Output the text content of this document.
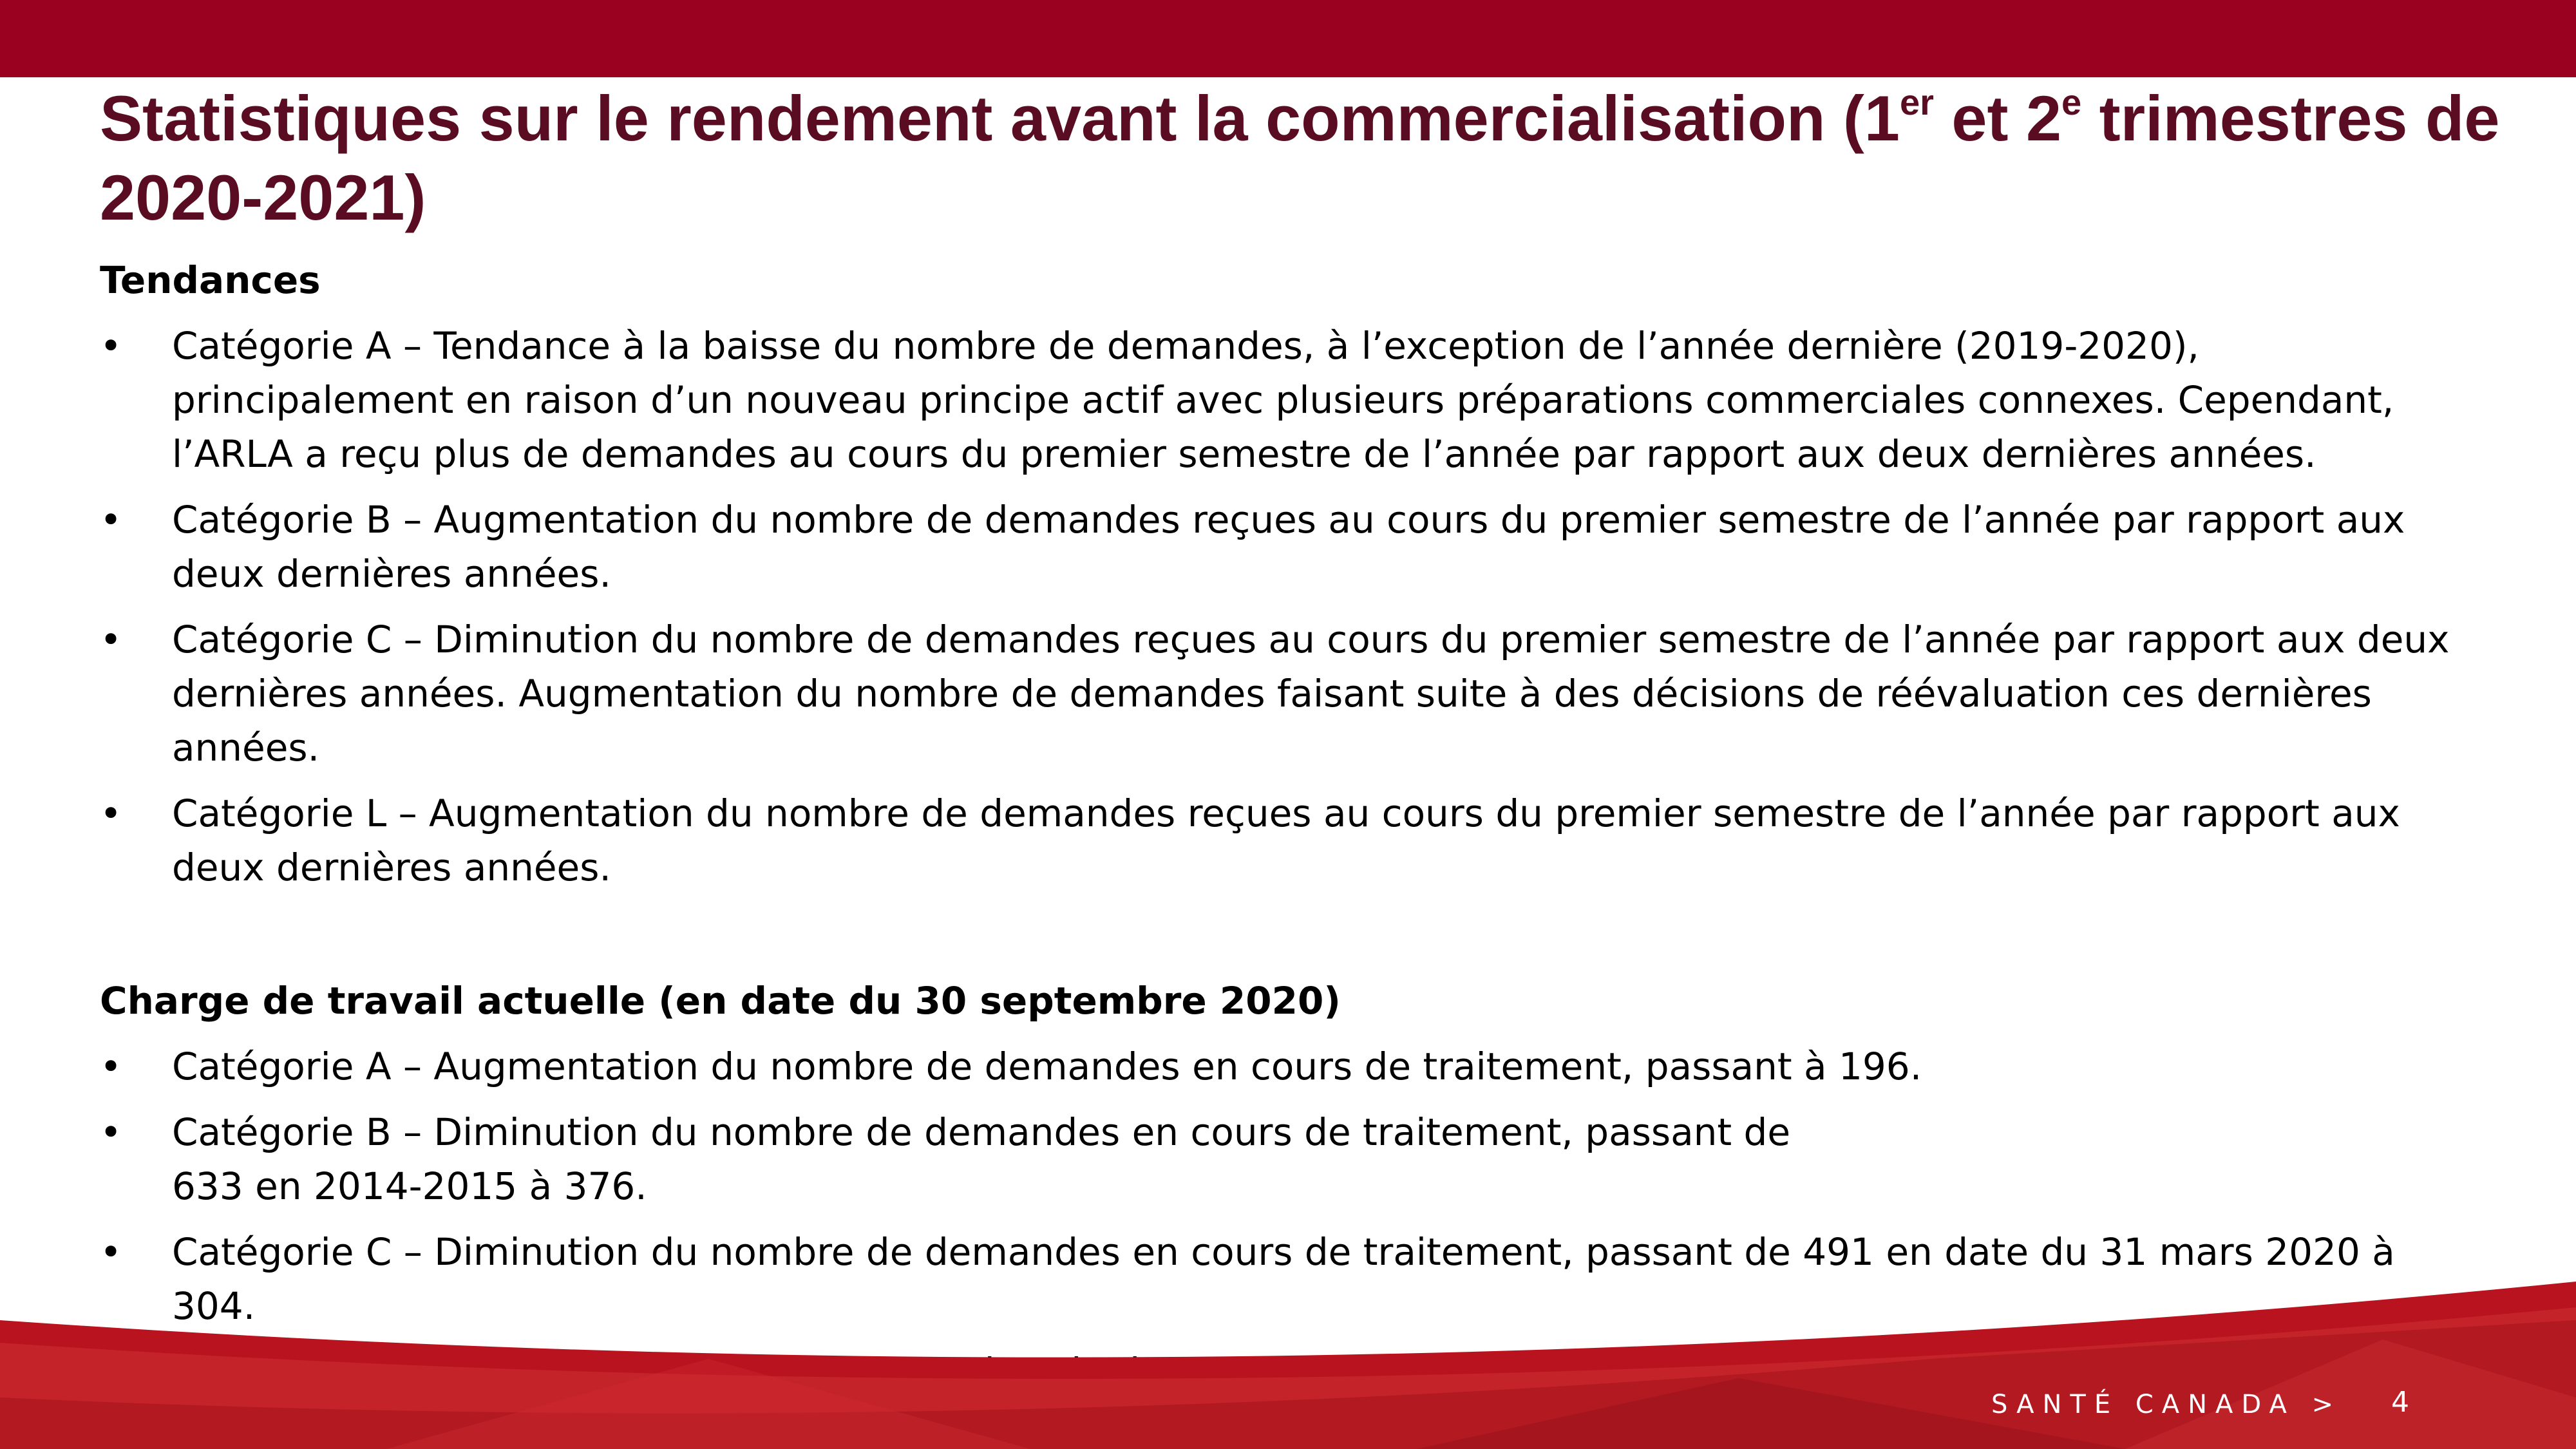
Statistiques sur le rendement avant la commercialisation (1er et 2e trimestres de 2020-2021)
Tendances
• Catégorie A – Tendance à la baisse du nombre de demandes, à l’exception de l’année dernière (2019-2020), principalement en raison d’un nouveau principe actif avec plusieurs préparations commerciales connexes. Cependant, l’ARLA a reçu plus de demandes au cours du premier semestre de l’année par rapport aux deux dernières années.
• Catégorie B – Augmentation du nombre de demandes reçues au cours du premier semestre de l’année par rapport aux deux dernières années.
• Catégorie C – Diminution du nombre de demandes reçues au cours du premier semestre de l’année par rapport aux deux dernières années. Augmentation du nombre de demandes faisant suite à des décisions de réévaluation ces dernières années.
• Catégorie L – Augmentation du nombre de demandes reçues au cours du premier semestre de l’année par rapport aux deux dernières années.
Charge de travail actuelle (en date du 30 septembre 2020)
• Catégorie A – Augmentation du nombre de demandes en cours de traitement, passant à 196.
• Catégorie B – Diminution du nombre de demandes en cours de traitement, passant de 633 en 2014-2015 à 376.
• Catégorie C – Diminution du nombre de demandes en cours de traitement, passant de 491 en date du 31 mars 2020 à 304.
SANTÉ CANADA > 4
